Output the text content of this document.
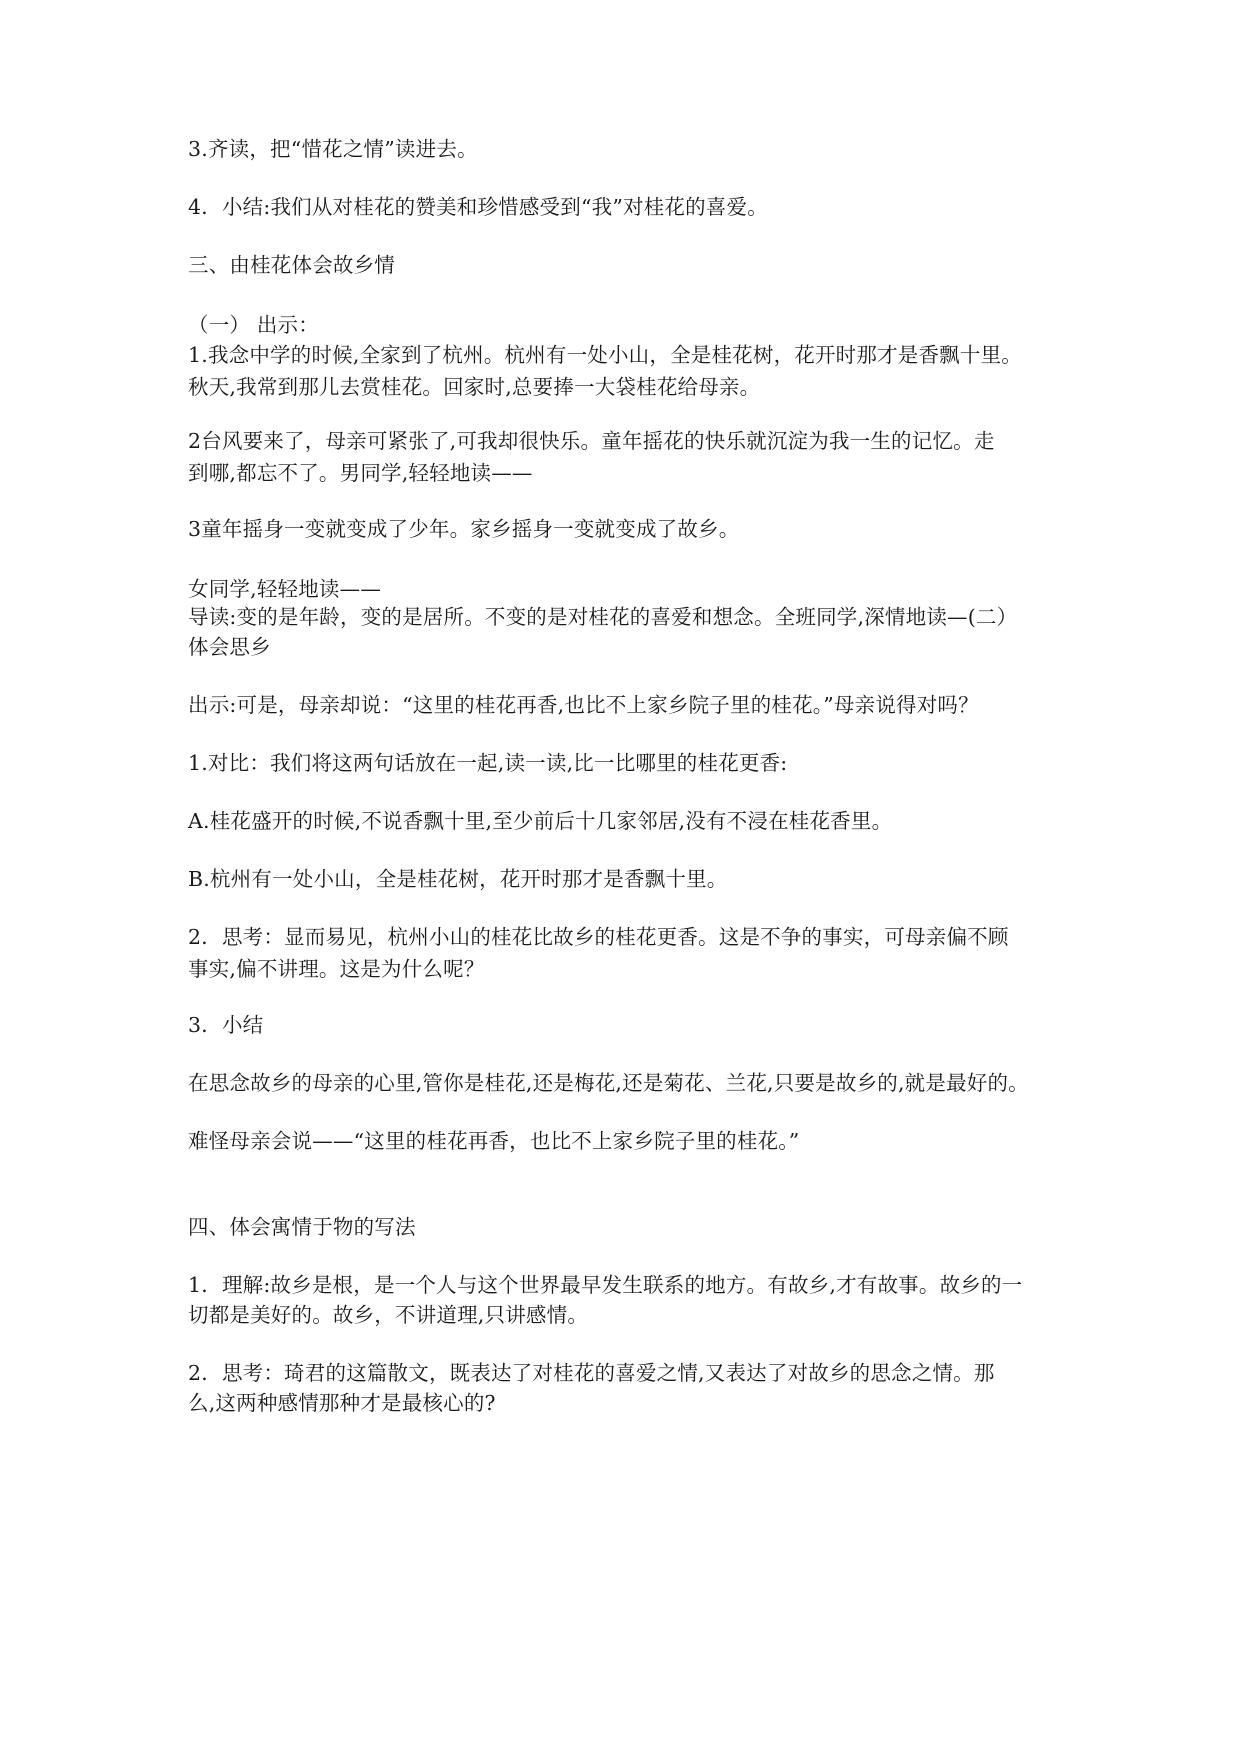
3.齐读，把“惜花之情”读进去。
4．小结:我们从对桂花的赞美和珍惜感受到“我”对桂花的喜爱。
三、由桂花体会故乡情
（一） 出示：
1.我念中学的时候,全家到了杭州。杭州有一处小山，全是桂花树，花开时那才是香飘十里。
秋天,我常到那儿去赏桂花。回家时,总要捧一大袋桂花给母亲。
2台风要来了，母亲可紧张了,可我却很快乐。童年摇花的快乐就沉淀为我一生的记忆。走
到哪,都忘不了。男同学,轻轻地读——
3童年摇身一变就变成了少年。家乡摇身一变就变成了故乡。
女同学,轻轻地读——
导读:变的是年龄，变的是居所。不变的是对桂花的喜爱和想念。全班同学,深情地读—(二）
体会思乡
出示:可是，母亲却说：“这里的桂花再香,也比不上家乡院子里的桂花。”母亲说得对吗？
1.对比：我们将这两句话放在一起,读一读,比一比哪里的桂花更香:
A.桂花盛开的时候,不说香飘十里,至少前后十几家邻居,没有不浸在桂花香里。
B.杭州有一处小山，全是桂花树，花开时那才是香飘十里。
2．思考：显而易见，杭州小山的桂花比故乡的桂花更香。这是不争的事实，可母亲偏不顾
事实,偏不讲理。这是为什么呢？
3．小结
在思念故乡的母亲的心里,管你是桂花,还是梅花,还是菊花、兰花,只要是故乡的,就是最好的。
难怪母亲会说——“这里的桂花再香，也比不上家乡院子里的桂花。”
四、体会寓情于物的写法
1．理解:故乡是根，是一个人与这个世界最早发生联系的地方。有故乡,才有故事。故乡的一
切都是美好的。故乡，不讲道理,只讲感情。
2．思考：琦君的这篇散文，既表达了对桂花的喜爱之情,又表达了对故乡的思念之情。那
么,这两种感情那种才是最核心的?
